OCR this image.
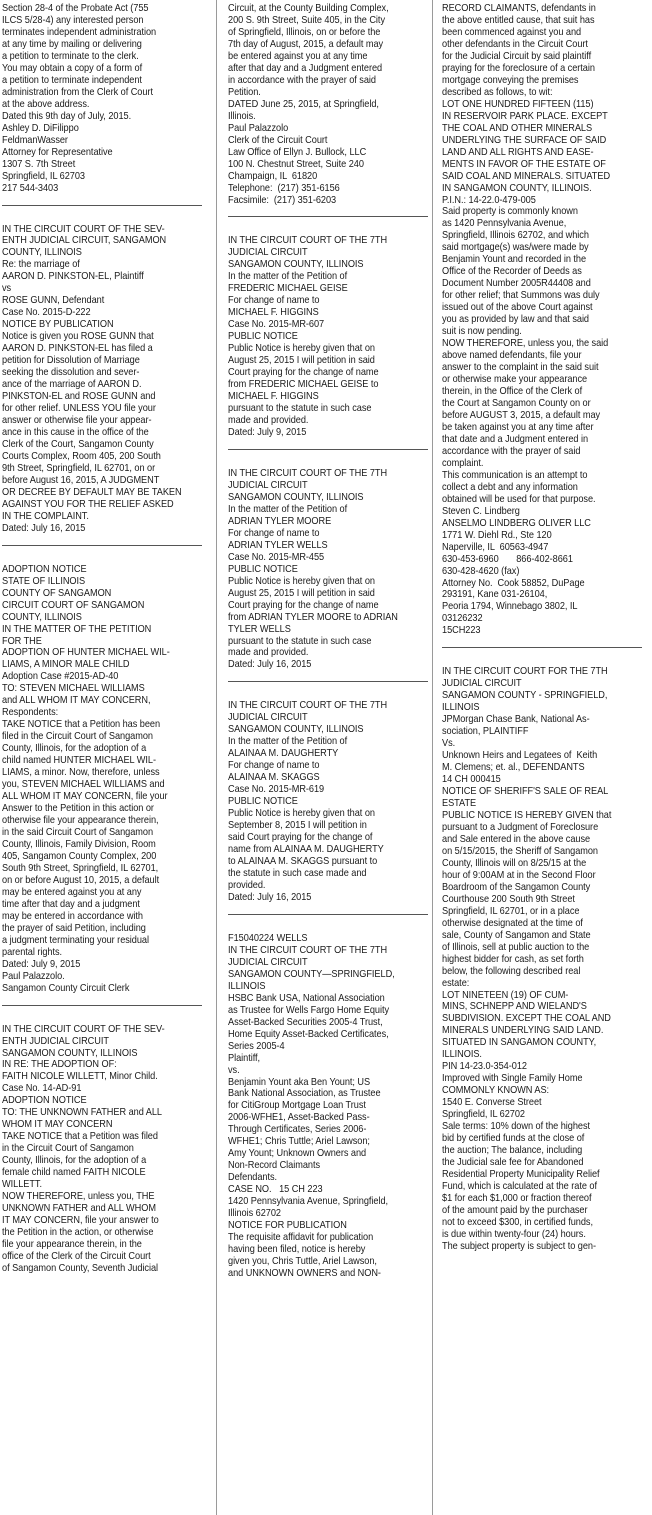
Section 28-4 of the Probate Act (755
ILCS 5/28-4) any interested person
terminates independent administration
at any time by mailing or delivering
a petition to terminate to the clerk.
You may obtain a copy of a form of
a petition to terminate independent
administration from the Clerk of Court
at the above address.
Dated this 9th day of July, 2015.
Ashley D. DiFilippo
FeldmanWasser
Attorney for Representative
1307 S. 7th Street
Springfield, IL 62703
217 544-3403
IN THE CIRCUIT COURT OF THE SEV-
ENTH JUDICIAL CIRCUIT, SANGAMON
COUNTY, ILLINOIS
Re: the marriage of
AARON D. PINKSTON-EL, Plaintiff
vs
ROSE GUNN, Defendant
Case No. 2015-D-222
NOTICE BY PUBLICATION
Notice is given you ROSE GUNN that
AARON D. PINKSTON-EL has filed a
petition for Dissolution of Marriage
seeking the dissolution and sever-
ance of the marriage of AARON D.
PINKSTON-EL and ROSE GUNN and
for other relief. UNLESS YOU file your
answer or otherwise file your appear-
ance in this cause in the office of the
Clerk of the Court, Sangamon County
Courts Complex, Room 405, 200 South
9th Street, Springfield, IL 62701, on or
before August 16, 2015, A JUDGMENT
OR DECREE BY DEFAULT MAY BE TAKEN
AGAINST YOU FOR THE RELIEF ASKED
IN THE COMPLAINT.
Dated: July 16, 2015
ADOPTION NOTICE
STATE OF ILLINOIS
COUNTY OF SANGAMON
CIRCUIT COURT OF SANGAMON
COUNTY, ILLINOIS
IN THE MATTER OF THE PETITION
FOR THE
ADOPTION OF HUNTER MICHAEL WIL-
LIAMS, A MINOR MALE CHILD
Adoption Case #2015-AD-40
TO: STEVEN MICHAEL WILLIAMS
and ALL WHOM IT MAY CONCERN,
Respondents:
TAKE NOTICE that a Petition has been
filed in the Circuit Court of Sangamon
County, Illinois, for the adoption of a
child named HUNTER MICHAEL WIL-
LIAMS, a minor. Now, therefore, unless
you, STEVEN MICHAEL WILLIAMS and
ALL WHOM IT MAY CONCERN, file your
Answer to the Petition in this action or
otherwise file your appearance therein,
in the said Circuit Court of Sangamon
County, Illinois, Family Division, Room
405, Sangamon County Complex, 200
South 9th Street, Springfield, IL 62701,
on or before August 10, 2015, a default
may be entered against you at any
time after that day and a judgment
may be entered in accordance with
the prayer of said Petition, including
a judgment terminating your residual
parental rights.
Dated: July 9, 2015
Paul Palazzolo.
Sangamon County Circuit Clerk
IN THE CIRCUIT COURT OF THE SEV-
ENTH JUDICIAL CIRCUIT
SANGAMON COUNTY, ILLINOIS
IN RE: THE ADOPTION OF:
FAITH NICOLE WILLETT, Minor Child.
Case No. 14-AD-91
ADOPTION NOTICE
TO: THE UNKNOWN FATHER and ALL
WHOM IT MAY CONCERN
TAKE NOTICE that a Petition was filed
in the Circuit Court of Sangamon
County, Illinois, for the adoption of a
female child named FAITH NICOLE
WILLETT.
NOW THEREFORE, unless you, THE
UNKNOWN FATHER and ALL WHOM
IT MAY CONCERN, file your answer to
the Petition in the action, or otherwise
file your appearance therein, in the
office of the Clerk of the Circuit Court
of Sangamon County, Seventh Judicial
Circuit, at the County Building Complex,
200 S. 9th Street, Suite 405, in the City
of Springfield, Illinois, on or before the
7th day of August, 2015, a default may
be entered against you at any time
after that day and a Judgment entered
in accordance with the prayer of said
Petition.
DATED June 25, 2015, at Springfield,
Illinois.
Paul Palazzolo
Clerk of the Circuit Court
Law Office of Ellyn J. Bullock, LLC
100 N. Chestnut Street, Suite 240
Champaign, IL  61820
Telephone:  (217) 351-6156
Facsimile:  (217) 351-6203
IN THE CIRCUIT COURT OF THE 7TH
JUDICIAL CIRCUIT
SANGAMON COUNTY, ILLINOIS
In the matter of the Petition of
FREDERIC MICHAEL GEISE
For change of name to
MICHAEL F. HIGGINS
Case No. 2015-MR-607
PUBLIC NOTICE
Public Notice is hereby given that on
August 25, 2015 I will petition in said
Court praying for the change of name
from FREDERIC MICHAEL GEISE to
MICHAEL F. HIGGINS
pursuant to the statute in such case
made and provided.
Dated: July 9, 2015
IN THE CIRCUIT COURT OF THE 7TH
JUDICIAL CIRCUIT
SANGAMON COUNTY, ILLINOIS
In the matter of the Petition of
ADRIAN TYLER MOORE
For change of name to
ADRIAN TYLER WELLS
Case No. 2015-MR-455
PUBLIC NOTICE
Public Notice is hereby given that on
August 25, 2015 I will petition in said
Court praying for the change of name
from ADRIAN TYLER MOORE to ADRIAN
TYLER WELLS
pursuant to the statute in such case
made and provided.
Dated: July 16, 2015
IN THE CIRCUIT COURT OF THE 7TH
JUDICIAL CIRCUIT
SANGAMON COUNTY, ILLINOIS
In the matter of the Petition of
ALAINAA M. DAUGHERTY
For change of name to
ALAINAA M. SKAGGS
Case No. 2015-MR-619
PUBLIC NOTICE
Public Notice is hereby given that on
September 8, 2015 I will petition in
said Court praying for the change of
name from ALAINAA M. DAUGHERTY
to ALAINAA M. SKAGGS pursuant to
the statute in such case made and
provided.
Dated: July 16, 2015
F15040224 WELLS
IN THE CIRCUIT COURT OF THE 7TH
JUDICIAL CIRCUIT
SANGAMON COUNTY—SPRINGFIELD,
ILLINOIS
HSBC Bank USA, National Association
as Trustee for Wells Fargo Home Equity
Asset-Backed Securities 2005-4 Trust,
Home Equity Asset-Backed Certificates,
Series 2005-4
Plaintiff,
vs.
Benjamin Yount aka Ben Yount; US
Bank National Association, as Trustee
for CitiGroup Mortgage Loan Trust
2006-WFHE1, Asset-Backed Pass-
Through Certificates, Series 2006-
WFHE1; Chris Tuttle; Ariel Lawson;
Amy Yount; Unknown Owners and
Non-Record Claimants
Defendants.
CASE NO.   15 CH 223
1420 Pennsylvania Avenue, Springfield,
Illinois 62702
NOTICE FOR PUBLICATION
The requisite affidavit for publication
having been filed, notice is hereby
given you, Chris Tuttle, Ariel Lawson,
and UNKNOWN OWNERS and NON-
RECORD CLAIMANTS, defendants in
the above entitled cause, that suit has
been commenced against you and
other defendants in the Circuit Court
for the Judicial Circuit by said plaintiff
praying for the foreclosure of a certain
mortgage conveying the premises
described as follows, to wit:
LOT ONE HUNDRED FIFTEEN (115)
IN RESERVOIR PARK PLACE. EXCEPT
THE COAL AND OTHER MINERALS
UNDERLYING THE SURFACE OF SAID
LAND AND ALL RIGHTS AND EASE-
MENTS IN FAVOR OF THE ESTATE OF
SAID COAL AND MINERALS. SITUATED
IN SANGAMON COUNTY, ILLINOIS.
P.I.N.: 14-22.0-479-005
Said property is commonly known
as 1420 Pennsylvania Avenue,
Springfield, Illinois 62702, and which
said mortgage(s) was/were made by
Benjamin Yount and recorded in the
Office of the Recorder of Deeds as
Document Number 2005R44408 and
for other relief; that Summons was duly
issued out of the above Court against
you as provided by law and that said
suit is now pending.
NOW THEREFORE, unless you, the said
above named defendants, file your
answer to the complaint in the said suit
or otherwise make your appearance
therein, in the Office of the Clerk of
the Court at Sangamon County on or
before AUGUST 3, 2015, a default may
be taken against you at any time after
that date and a Judgment entered in
accordance with the prayer of said
complaint.
This communication is an attempt to
collect a debt and any information
obtained will be used for that purpose.
Steven C. Lindberg
ANSELMO LINDBERG OLIVER LLC
1771 W. Diehl Rd., Ste 120
Naperville, IL  60563-4947
630-453-6960       866-402-8661
630-428-4620 (fax)
Attorney No.  Cook 58852, DuPage
293191, Kane 031-26104,
Peoria 1794, Winnebago 3802, IL
03126232
15CH223
IN THE CIRCUIT COURT FOR THE 7TH
JUDICIAL CIRCUIT
SANGAMON COUNTY - SPRINGFIELD,
ILLINOIS
JPMorgan Chase Bank, National As-
sociation, PLAINTIFF
Vs.
Unknown Heirs and Legatees of  Keith
M. Clemens; et. al., DEFENDANTS
14 CH 000415
NOTICE OF SHERIFF'S SALE OF REAL
ESTATE
PUBLIC NOTICE IS HEREBY GIVEN that
pursuant to a Judgment of Foreclosure
and Sale entered in the above cause
on 5/15/2015, the Sheriff of Sangamon
County, Illinois will on 8/25/15 at the
hour of 9:00AM at in the Second Floor
Boardroom of the Sangamon County
Courthouse 200 South 9th Street
Springfield, IL 62701, or in a place
otherwise designated at the time of
sale, County of Sangamon and State
of Illinois, sell at public auction to the
highest bidder for cash, as set forth
below, the following described real
estate:
LOT NINETEEN (19) OF CUM-
MINS, SCHNEPP AND WIELAND'S
SUBDIVISION. EXCEPT THE COAL AND
MINERALS UNDERLYING SAID LAND.
SITUATED IN SANGAMON COUNTY,
ILLINOIS.
PIN 14-23.0-354-012
Improved with Single Family Home
COMMONLY KNOWN AS:
1540 E. Converse Street
Springfield, IL 62702
Sale terms: 10% down of the highest
bid by certified funds at the close of
the auction; The balance, including
the Judicial sale fee for Abandoned
Residential Property Municipality Relief
Fund, which is calculated at the rate of
$1 for each $1,000 or fraction thereof
of the amount paid by the purchaser
not to exceed $300, in certified funds,
is due within twenty-four (24) hours.
The subject property is subject to gen-
